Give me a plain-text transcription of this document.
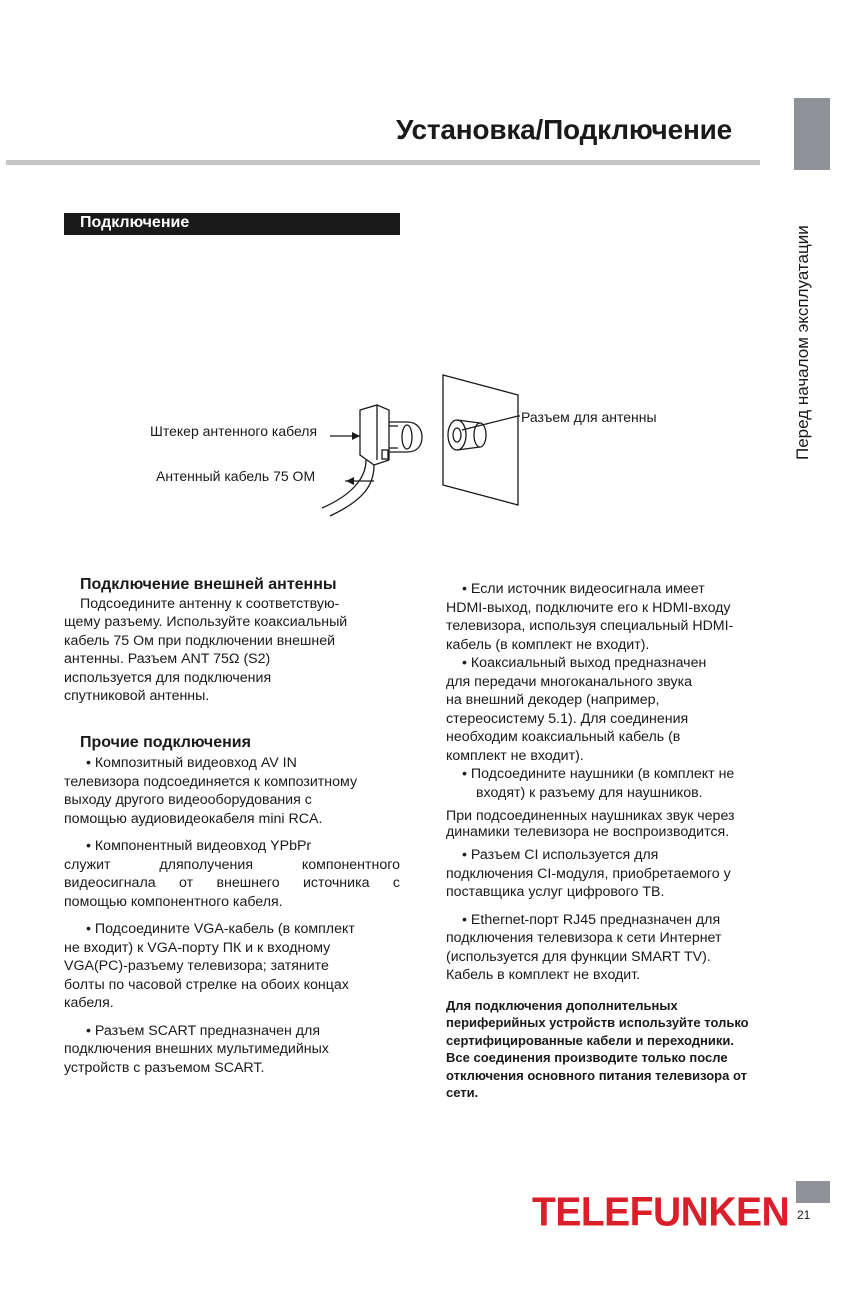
Установка/Подключение
Перед началом эксплуатации
Подключение
Штекер антенного кабеля
Антенный кабель 75 ОМ
Разъем для антенны

Подключение внешней антенны

Подсоедините антенну к соответствую-

щему разъему. Используйте коаксиальный

кабель 75 Ом при подключении внешней

антенны. Разъем ANT 75Ω (S2)

используется для подключения

спутниковой антенны.

Прочие подключения

• Композитный видеовход AV IN

телевизора подсоединяется к композитному

выходу другого видеооборудования с

помощью аудиовидеокабеля mini RCA.

• Компонентный видеовход YPbPr

служит	дляполучения	компонентного

видеосигнала от внешнего источника с

помощью компонентного кабеля.

• Подсоедините VGA-кабель (в комплект

не входит) к VGA-порту ПК и к входному

VGA(PC)-разъему телевизора; затяните

болты по часовой стрелке на обоих концах

кабеля.

• Разъем SCART предназначен для

подключения внешних мультимедийных

устройств с разъемом SCART.

• Если источник видеосигнала имеет

HDMI-выход, подключите его к HDMI-входу

телевизора, используя специальный HDMI-

кабель (в комплект не входит).

• Коаксиальный выход предназначен

для передачи многоканального звука

на внешний декодер (например,

стереосистему 5.1). Для соединения

необходим коаксиальный кабель (в

комплект не входит).

• Подсоедините наушники (в комплект не

входят) к разъему для наушников.

При подсоединенных наушниках звук через

динамики телевизора не воспроизводится.

• Разъем CI используется для

подключения CI-модуля, приобретаемого у

поставщика услуг цифрового ТВ.

• Ethernet-порт RJ45 предназначен для

подключения телевизора к сети Интернет

(используется для функции SMART TV).

Кабель в комплект не входит.

Для подключения дополнительных

периферийных устройств используйте только

сертифицированные кабели и переходники.

Все соединения производите только после

отключения основного питания телевизора от

сети.

TELEFUNKEN 21
